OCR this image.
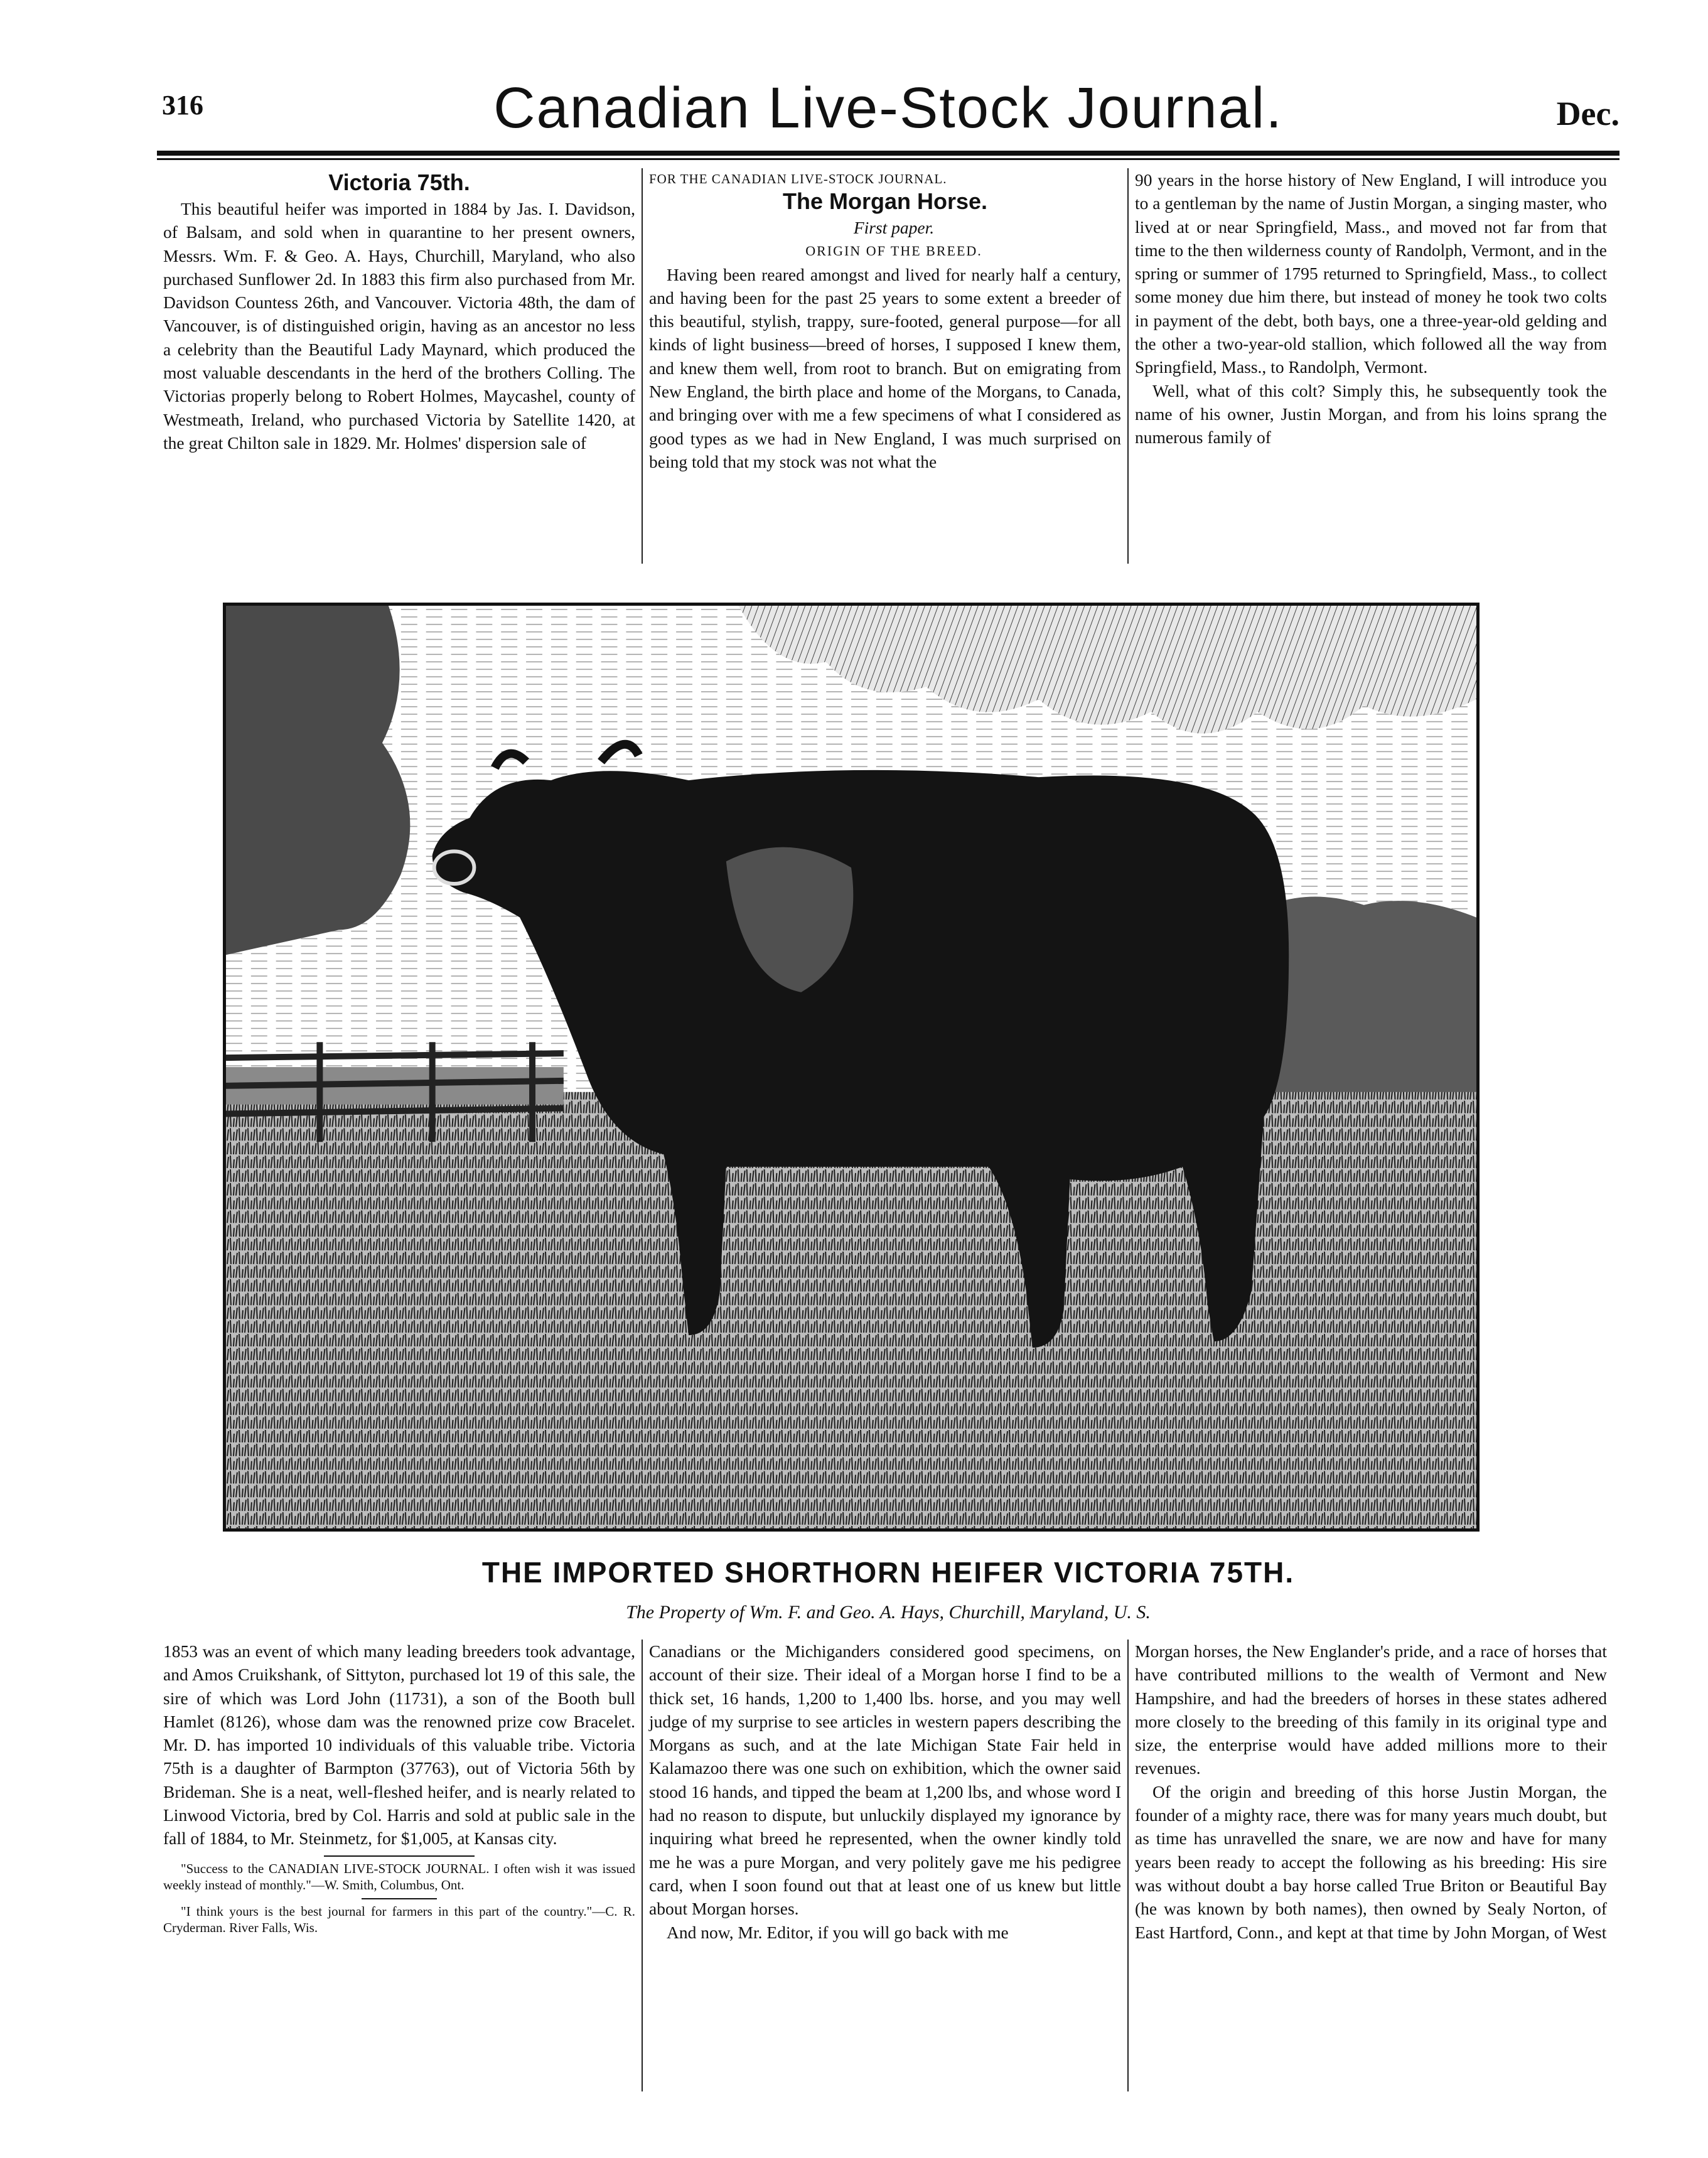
316	Canadian Live-Stock Journal.	Dec.
Victoria 75th.

This beautiful heifer was imported in 1884 by Jas. I. Davidson, of Balsam, and sold when in quarantine to her present owners, Messrs. Wm. F. & Geo. A. Hays, Churchill, Maryland, who also purchased Sunflower 2d. In 1883 this firm also purchased from Mr. Davidson Countess 26th, and Vancouver. Victoria 48th, the dam of Vancouver, is of distinguished origin, having as an ancestor no less a celebrity than the Beautiful Lady Maynard, which produced the most valuable descendants in the herd of the brothers Colling. The Victorias properly belong to Robert Holmes, Maycashel, county of Westmeath, Ireland, who purchased Victoria by Satellite 1420, at the great Chilton sale in 1829. Mr. Holmes' dispersion sale of

FOR THE CANADIAN LIVE-STOCK JOURNAL.

The Morgan Horse.

First paper.

ORIGIN OF THE BREED.

Having been reared amongst and lived for nearly half a century, and having been for the past 25 years to some extent a breeder of this beautiful, stylish, trappy, sure-footed, general purpose—for all kinds of light business—breed of horses, I supposed I knew them, and knew them well, from root to branch. But on emigrating from New England, the birth place and home of the Morgans, to Canada, and bringing over with me a few specimens of what I considered as good types as we had in New England, I was much surprised on being told that my stock was not what the

90 years in the horse history of New England, I will introduce you to a gentleman by the name of Justin Morgan, a singing master, who lived at or near Springfield, Mass., and moved not far from that time to the then wilderness county of Randolph, Vermont, and in the spring or summer of 1795 returned to Springfield, Mass., to collect some money due him there, but instead of money he took two colts in payment of the debt, both bays, one a three-year-old gelding and the other a two-year-old stallion, which followed all the way from Springfield, Mass., to Randolph, Vermont.

Well, what of this colt? Simply this, he subsequently took the name of his owner, Justin Morgan, and from his loins sprang the numerous family of

THE IMPORTED SHORTHORN HEIFER VICTORIA 75TH.
The Property of Wm. F. and Geo. A. Hays, Churchill, Maryland, U. S.

1853 was an event of which many leading breeders took advantage, and Amos Cruikshank, of Sittyton, purchased lot 19 of this sale, the sire of which was Lord John (11731), a son of the Booth bull Hamlet (8126), whose dam was the renowned prize cow Bracelet. Mr. D. has imported 10 individuals of this valuable tribe. Victoria 75th is a daughter of Barmpton (37763), out of Victoria 56th by Brideman. She is a neat, well-fleshed heifer, and is nearly related to Linwood Victoria, bred by Col. Harris and sold at public sale in the fall of 1884, to Mr. Steinmetz, for $1,005, at Kansas city.

"Success to the CANADIAN LIVE-STOCK JOURNAL. I often wish it was issued weekly instead of monthly."—W. Smith, Columbus, Ont.

"I think yours is the best journal for farmers in this part of the country."—C. R. Cryderman. River Falls, Wis.

Canadians or the Michiganders considered good specimens, on account of their size. Their ideal of a Morgan horse I find to be a thick set, 16 hands, 1,200 to 1,400 lbs. horse, and you may well judge of my surprise to see articles in western papers describing the Morgans as such, and at the late Michigan State Fair held in Kalamazoo there was one such on exhibition, which the owner said stood 16 hands, and tipped the beam at 1,200 lbs, and whose word I had no reason to dispute, but unluckily displayed my ignorance by inquiring what breed he represented, when the owner kindly told me he was a pure Morgan, and very politely gave me his pedigree card, when I soon found out that at least one of us knew but little about Morgan horses.

And now, Mr. Editor, if you will go back with me

Morgan horses, the New Englander's pride, and a race of horses that have contributed millions to the wealth of Vermont and New Hampshire, and had the breeders of horses in these states adhered more closely to the breeding of this family in its original type and size, the enterprise would have added millions more to their revenues.

Of the origin and breeding of this horse Justin Morgan, the founder of a mighty race, there was for many years much doubt, but as time has unravelled the snare, we are now and have for many years been ready to accept the following as his breeding: His sire was without doubt a bay horse called True Briton or Beautiful Bay (he was known by both names), then owned by Sealy Norton, of East Hartford, Conn., and kept at that time by John Morgan, of West
